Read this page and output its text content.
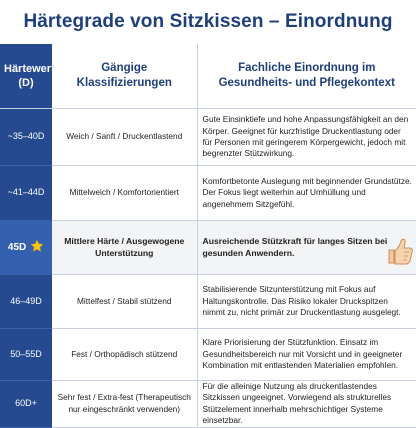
Härtegrade von Sitzkissen – Einordnung
Härtewert (D)	Gängige Klassifizierungen	Fachliche Einordnung im Gesundheits- und Pflegekontext
~35–40D	Weich / Sanft / Druckentlastend	Gute Einsinktiefe und hohe Anpassungsfähigkeit an den Körper. Geeignet für kurzfristige Druckentlastung oder für Personen mit geringerem Körpergewicht, jedoch mit begrenzter Stützwirkung.
~41–44D	Mittelweich / Komfortorientiert	Komfortbetonte Auslegung mit beginnender Grundstütze. Der Fokus liegt weiterhin auf Umhüllung und angenehmem Sitzgefühl.
45D	Mittlere Härte / Ausgewogene Unterstützung	Ausreichende Stützkraft für langes Sitzen bei gesunden Anwendern.
46–49D	Mittelfest / Stabil stützend	Stabilisierende Sitzunterstützung mit Fokus auf Haltungskontrolle. Das Risiko lokaler Druckspitzen nimmt zu, nicht primär zur Druckentlastung ausgelegt.
50–55D	Fest / Orthopädisch stützend	Klare Priorisierung der Stützfunktion. Einsatz im Gesundheitsbereich nur mit Vorsicht und in geeigneter Kombination mit entlastenden Materialien empfohlen.
60D+	Sehr fest / Extra-fest (Therapeutisch nur eingeschränkt verwenden)	Für die alleinige Nutzung als druckentlastendes Sitzkissen ungeeignet. Vorwiegend als strukturelles Stützelement innerhalb mehrschichtiger Systeme einsetzbar.
